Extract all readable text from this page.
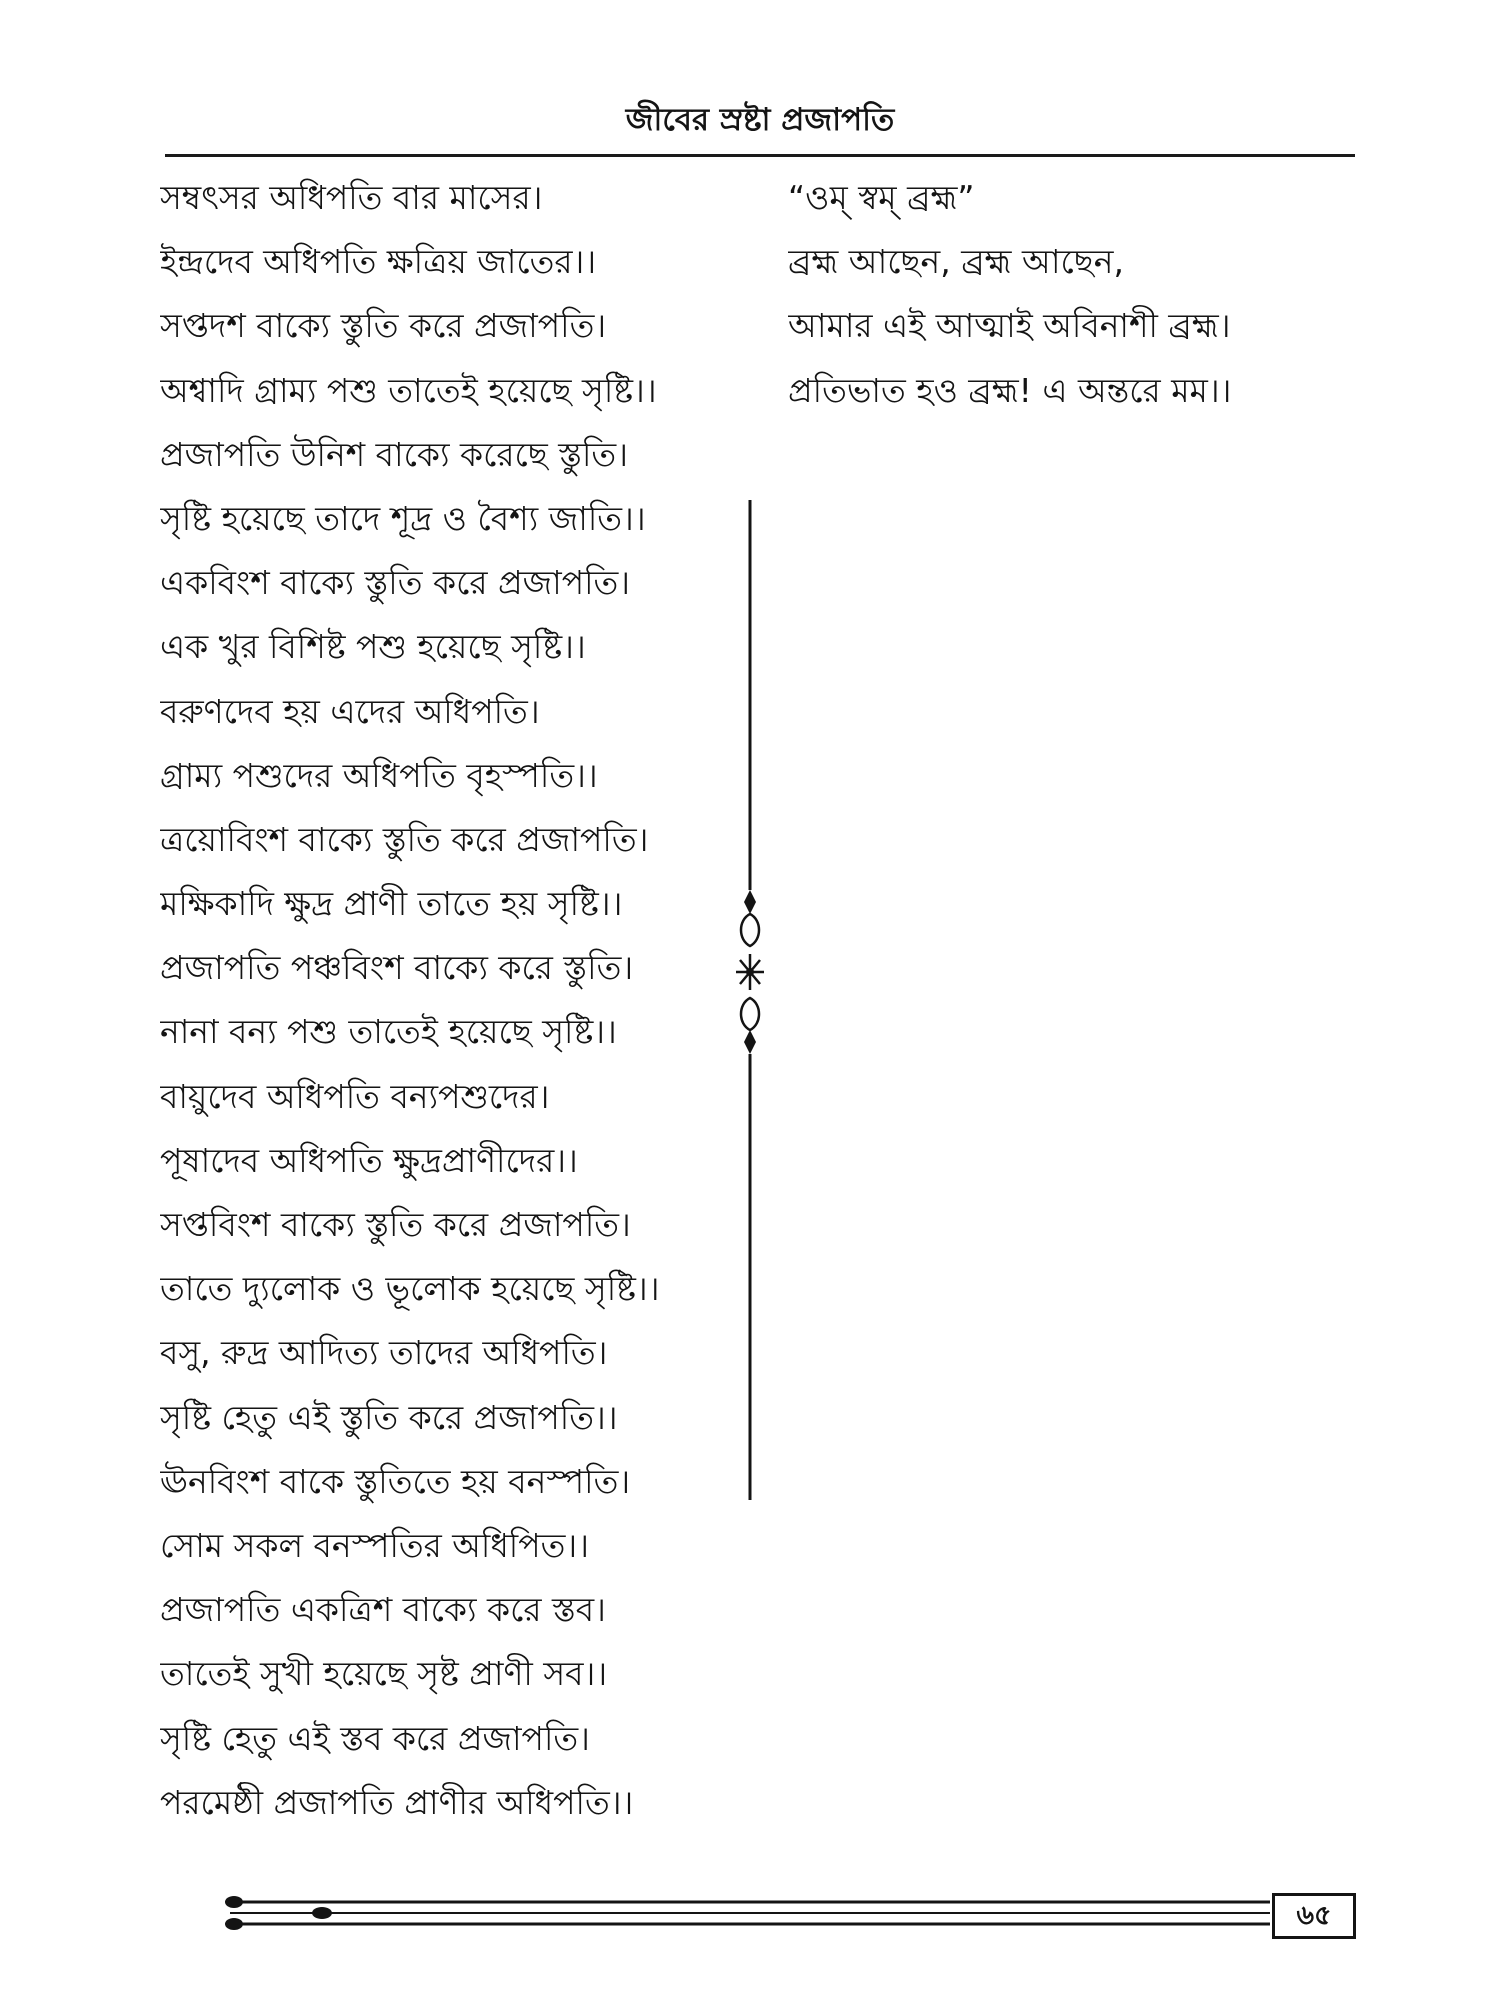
জীবের স্রষ্টা প্রজাপতি
সম্বৎসর অধিপতি বার মাসের।
ইন্দ্রদেব অধিপতি ক্ষত্রিয় জাতের।।
সপ্তদশ বাক্যে স্তুতি করে প্রজাপতি।
অশ্বাদি গ্রাম্য পশু তাতেই হয়েছে সৃষ্টি।।
প্রজাপতি উনিশ বাক্যে করেছে স্তুতি।
সৃষ্টি হয়েছে তাদে শূদ্র ও বৈশ্য জাতি।।
একবিংশ বাক্যে স্তুতি করে প্রজাপতি।
এক খুর বিশিষ্ট পশু হয়েছে সৃষ্টি।।
বরুণদেব হয় এদের অধিপতি।
গ্রাম্য পশুদের অধিপতি বৃহস্পতি।।
ত্রয়োবিংশ বাক্যে স্তুতি করে প্রজাপতি।
মক্ষিকাদি ক্ষুদ্র প্রাণী তাতে হয় সৃষ্টি।।
প্রজাপতি পঞ্চবিংশ বাক্যে করে স্তুতি।
নানা বন্য পশু তাতেই হয়েছে সৃষ্টি।।
বায়ুদেব অধিপতি বন্যপশুদের।
পূষাদেব অধিপতি ক্ষুদ্রপ্রাণীদের।।
সপ্তবিংশ বাক্যে স্তুতি করে প্রজাপতি।
তাতে দ্যুলোক ও ভূলোক হয়েছে সৃষ্টি।।
বসু, রুদ্র আদিত্য তাদের অধিপতি।
সৃষ্টি হেতু এই স্তুতি করে প্রজাপতি।।
ঊনবিংশ বাকে স্তুতিতে হয় বনস্পতি।
সোম সকল বনস্পতির অধিপিত।।
প্রজাপতি একত্রিশ বাক্যে করে স্তব।
তাতেই সুখী হয়েছে সৃষ্ট প্রাণী সব।।
সৃষ্টি হেতু এই স্তব করে প্রজাপতি।
পরমেষ্ঠী প্রজাপতি প্রাণীর অধিপতি।।
“ওম্ স্বম্ ব্রহ্ম”
ব্রহ্ম আছেন, ব্রহ্ম আছেন,
আমার এই আত্মাই অবিনাশী ব্রহ্ম।
প্রতিভাত হও ব্রহ্ম! এ অন্তরে মম।।
৬৫
